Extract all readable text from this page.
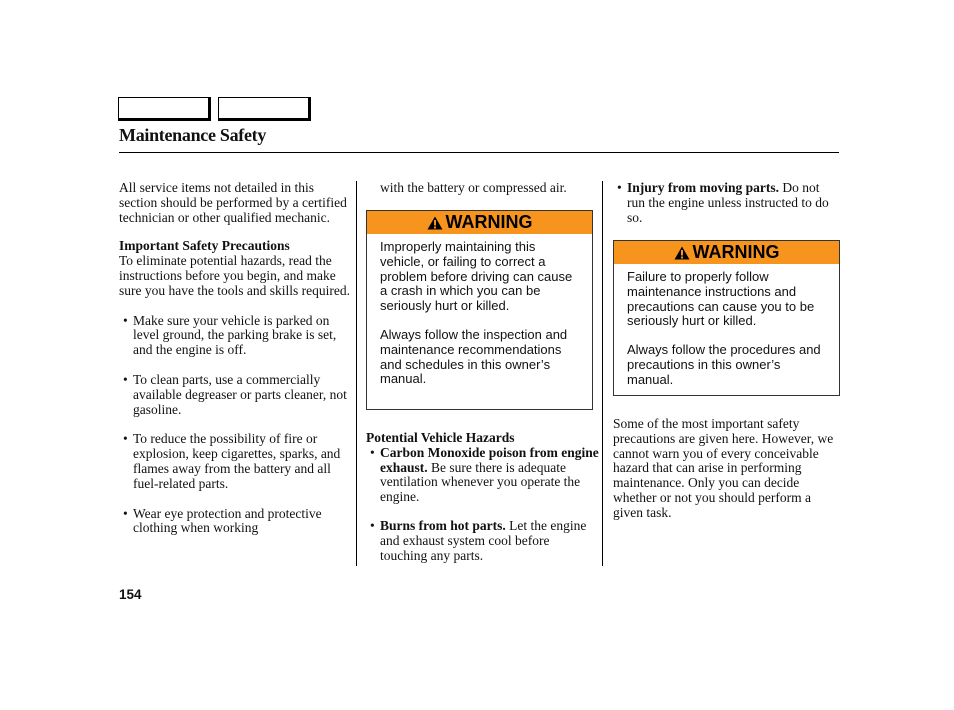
Maintenance Safety

All service items not detailed in this section should be performed by a certified technician or other qualified mechanic.

Important Safety Precautions

To eliminate potential hazards, read the instructions before you begin, and make sure you have the tools and skills required.

• Make sure your vehicle is parked on level ground, the parking brake is set, and the engine is off.

• To clean parts, use a commercially available degreaser or parts cleaner, not gasoline.

• To reduce the possibility of fire or explosion, keep cigarettes, sparks, and flames away from the battery and all fuel-related parts.

• Wear eye protection and protective clothing when working

with the battery or compressed air.

WARNING

Improperly maintaining this vehicle, or failing to correct a problem before driving can cause a crash in which you can be seriously hurt or killed.

Always follow the inspection and maintenance recommendations and schedules in this owner’s manual.

Potential Vehicle Hazards

• Carbon Monoxide poison from engine exhaust. Be sure there is adequate ventilation whenever you operate the engine.

• Burns from hot parts. Let the engine and exhaust system cool before touching any parts.

• Injury from moving parts. Do not run the engine unless instructed to do so.

WARNING

Failure to properly follow maintenance instructions and precautions can cause you to be seriously hurt or killed.

Always follow the procedures and precautions in this owner’s manual.

Some of the most important safety precautions are given here. However, we cannot warn you of every conceivable hazard that can arise in performing maintenance. Only you can decide whether or not you should perform a given task.

154
